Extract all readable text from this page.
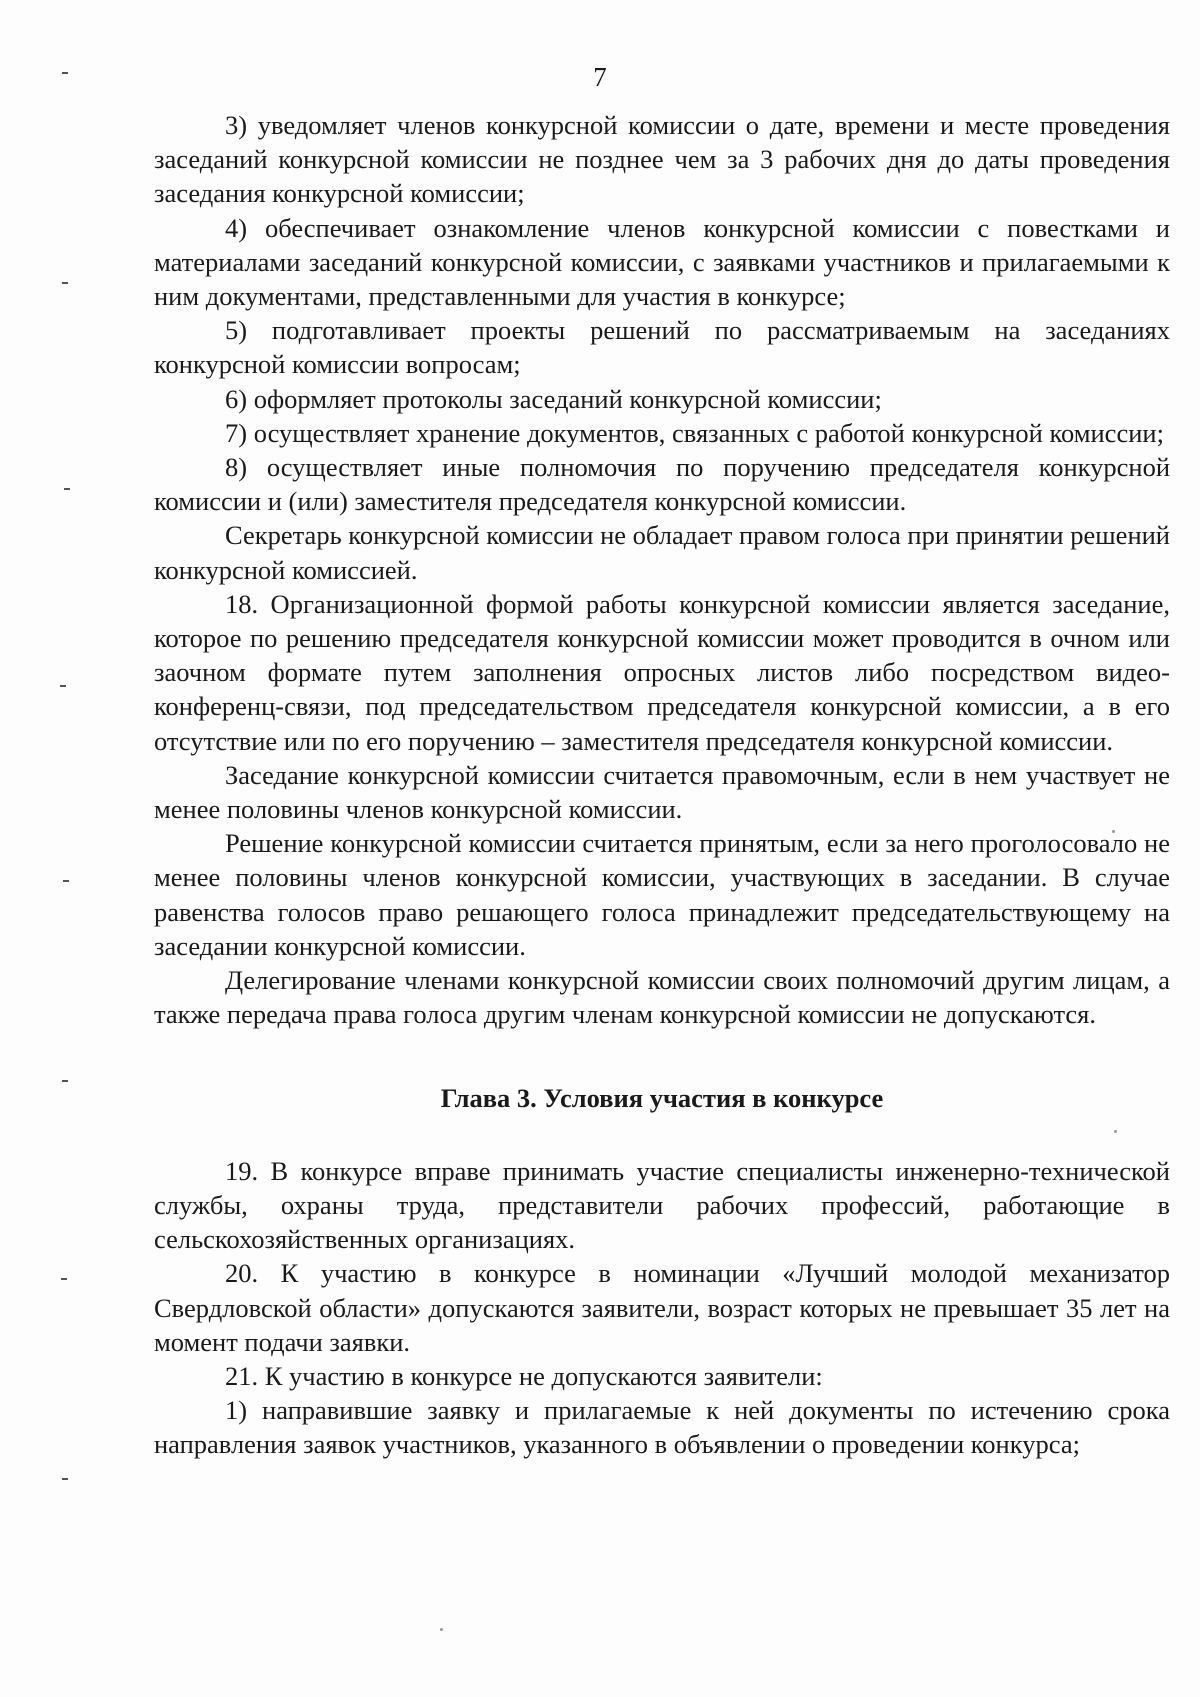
7

3) уведомляет членов конкурсной комиссии о дате, времени и месте проведения заседаний конкурсной комиссии не позднее чем за 3 рабочих дня до даты проведения заседания конкурсной комиссии;

4) обеспечивает ознакомление членов конкурсной комиссии с повестками и материалами заседаний конкурсной комиссии, с заявками участников и прилагаемыми к ним документами, представленными для участия в конкурсе;

5) подготавливает проекты решений по рассматриваемым на заседаниях конкурсной комиссии вопросам;

6) оформляет протоколы заседаний конкурсной комиссии;

7) осуществляет хранение документов, связанных с работой конкурсной комиссии;

8) осуществляет иные полномочия по поручению председателя конкурсной комиссии и (или) заместителя председателя конкурсной комиссии.

Секретарь конкурсной комиссии не обладает правом голоса при принятии решений конкурсной комиссией.

18. Организационной формой работы конкурсной комиссии является заседание, которое по решению председателя конкурсной комиссии может проводится в очном или заочном формате путем заполнения опросных листов либо посредством видео-конференц-связи, под председательством председателя конкурсной комиссии, а в его отсутствие или по его поручению – заместителя председателя конкурсной комиссии.

Заседание конкурсной комиссии считается правомочным, если в нем участвует не менее половины членов конкурсной комиссии.

Решение конкурсной комиссии считается принятым, если за него проголосовало не менее половины членов конкурсной комиссии, участвующих в заседании. В случае равенства голосов право решающего голоса принадлежит председательствующему на заседании конкурсной комиссии.

Делегирование членами конкурсной комиссии своих полномочий другим лицам, а также передача права голоса другим членам конкурсной комиссии не допускаются.

Глава 3. Условия участия в конкурсе

19. В конкурсе вправе принимать участие специалисты инженерно-технической службы, охраны труда, представители рабочих профессий, работающие в сельскохозяйственных организациях.

20. К участию в конкурсе в номинации «Лучший молодой механизатор Свердловской области» допускаются заявители, возраст которых не превышает 35 лет на момент подачи заявки.

21. К участию в конкурсе не допускаются заявители:

1) направившие заявку и прилагаемые к ней документы по истечению срока направления заявок участников, указанного в объявлении о проведении конкурса;
